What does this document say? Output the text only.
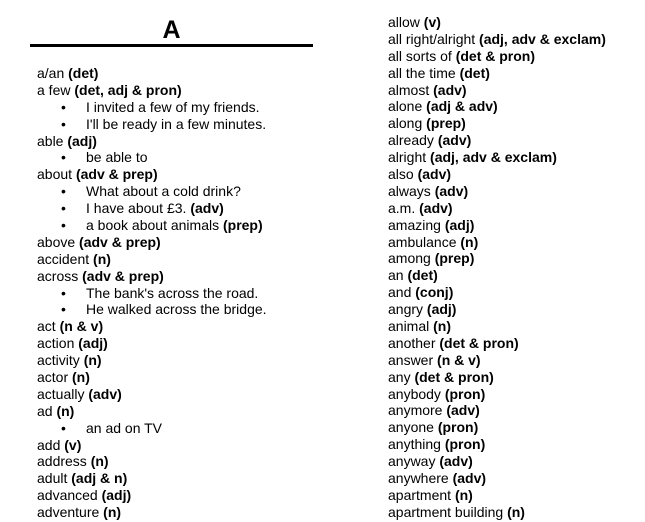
A
a/an (det)
a few (det, adj & pron)
• I invited a few of my friends.
• I'll be ready in a few minutes.
able (adj)
• be able to
about (adv & prep)
• What about a cold drink?
• I have about £3. (adv)
• a book about animals (prep)
above (adv & prep)
accident (n)
across (adv & prep)
• The bank's across the road.
• He walked across the bridge.
act (n & v)
action (adj)
activity (n)
actor (n)
actually (adv)
ad (n)
• an ad on TV
add (v)
address (n)
adult (adj & n)
advanced (adj)
adventure (n)
allow (v)
all right/alright (adj, adv & exclam)
all sorts of (det & pron)
all the time (det)
almost (adv)
alone (adj & adv)
along (prep)
already (adv)
alright (adj, adv & exclam)
also (adv)
always (adv)
a.m. (adv)
amazing (adj)
ambulance (n)
among (prep)
an (det)
and (conj)
angry (adj)
animal (n)
another (det & pron)
answer (n & v)
any (det & pron)
anybody (pron)
anymore (adv)
anyone (pron)
anything (pron)
anyway (adv)
anywhere (adv)
apartment (n)
apartment building (n)
